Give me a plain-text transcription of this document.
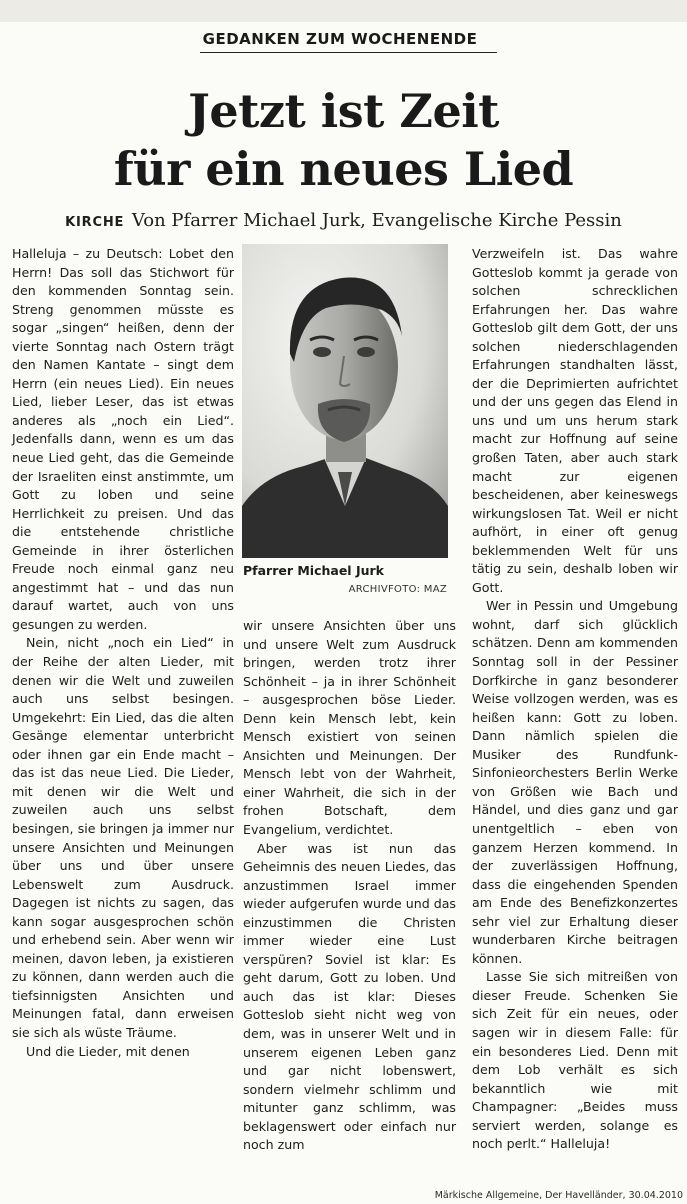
GEDANKEN ZUM WOCHENENDE
Jetzt ist Zeit
für ein neues Lied
KIRCHE Von Pfarrer Michael Jurk, Evangelische Kirche Pessin

Halleluja – zu Deutsch: Lobet den Herrn! Das soll das Stichwort für den kommenden Sonntag sein. Streng genommen müsste es sogar „singen“ heißen, denn der vierte Sonntag nach Ostern trägt den Namen Kantate – singt dem Herrn (ein neues Lied). Ein neues Lied, lieber Leser, das ist etwas anderes als „noch ein Lied“. Jedenfalls dann, wenn es um das neue Lied geht, das die Gemeinde der Israeliten einst anstimmte, um Gott zu loben und seine Herrlichkeit zu preisen. Und das die entstehende christliche Gemeinde in ihrer österlichen Freude noch einmal ganz neu angestimmt hat – und das nun darauf wartet, auch von uns gesungen zu werden.

Nein, nicht „noch ein Lied“ in der Reihe der alten Lieder, mit denen wir die Welt und zuweilen auch uns selbst besingen. Umgekehrt: Ein Lied, das die alten Gesänge elementar unterbricht oder ihnen gar ein Ende macht – das ist das neue Lied. Die Lieder, mit denen wir die Welt und zuweilen auch uns selbst besingen, sie bringen ja immer nur unsere Ansichten und Meinungen über uns und über unsere Lebenswelt zum Ausdruck. Dagegen ist nichts zu sagen, das kann sogar ausgesprochen schön und erhebend sein. Aber wenn wir meinen, davon leben, ja existieren zu können, dann werden auch die tiefsinnigsten Ansichten und Meinungen fatal, dann erweisen sie sich als wüste Träume.

Und die Lieder, mit denen

Pfarrer Michael Jurk
ARCHIVFOTO: MAZ

wir unsere Ansichten über uns und unsere Welt zum Ausdruck bringen, werden trotz ihrer Schönheit – ja in ihrer Schönheit – ausgesprochen böse Lieder. Denn kein Mensch lebt, kein Mensch existiert von seinen Ansichten und Meinungen. Der Mensch lebt von der Wahrheit, einer Wahrheit, die sich in der frohen Botschaft, dem Evangelium, verdichtet.

Aber was ist nun das Geheimnis des neuen Liedes, das anzustimmen Israel immer wieder aufgerufen wurde und das einzustimmen die Christen immer wieder eine Lust verspüren? Soviel ist klar: Es geht darum, Gott zu loben. Und auch das ist klar: Dieses Gotteslob sieht nicht weg von dem, was in unserer Welt und in unserem eigenen Leben ganz und gar nicht lobenswert, sondern vielmehr schlimm und mitunter ganz schlimm, was beklagenswert oder einfach nur noch zum

Verzweifeln ist. Das wahre Gotteslob kommt ja gerade von solchen schrecklichen Erfahrungen her. Das wahre Gotteslob gilt dem Gott, der uns solchen niederschlagenden Erfahrungen standhalten lässt, der die Deprimierten aufrichtet und der uns gegen das Elend in uns und um uns herum stark macht zur Hoffnung auf seine großen Taten, aber auch stark macht zur eigenen bescheidenen, aber keineswegs wirkungslosen Tat. Weil er nicht aufhört, in einer oft genug beklemmenden Welt für uns tätig zu sein, deshalb loben wir Gott.

Wer in Pessin und Umgebung wohnt, darf sich glücklich schätzen. Denn am kommenden Sonntag soll in der Pessiner Dorfkirche in ganz besonderer Weise vollzogen werden, was es heißen kann: Gott zu loben. Dann nämlich spielen die Musiker des Rundfunk-Sinfonieorchesters Berlin Werke von Größen wie Bach und Händel, und dies ganz und gar unentgeltlich – eben von ganzem Herzen kommend. In der zuverlässigen Hoffnung, dass die eingehenden Spenden am Ende des Benefizkonzertes sehr viel zur Erhaltung dieser wunderbaren Kirche beitragen können.

Lasse Sie sich mitreißen von dieser Freude. Schenken Sie sich Zeit für ein neues, oder sagen wir in diesem Falle: für ein besonderes Lied. Denn mit dem Lob verhält es sich bekanntlich wie mit Champagner: „Beides muss serviert werden, solange es noch perlt.“ Halleluja!

Märkische Allgemeine, Der Havelländer, 30.04.2010
